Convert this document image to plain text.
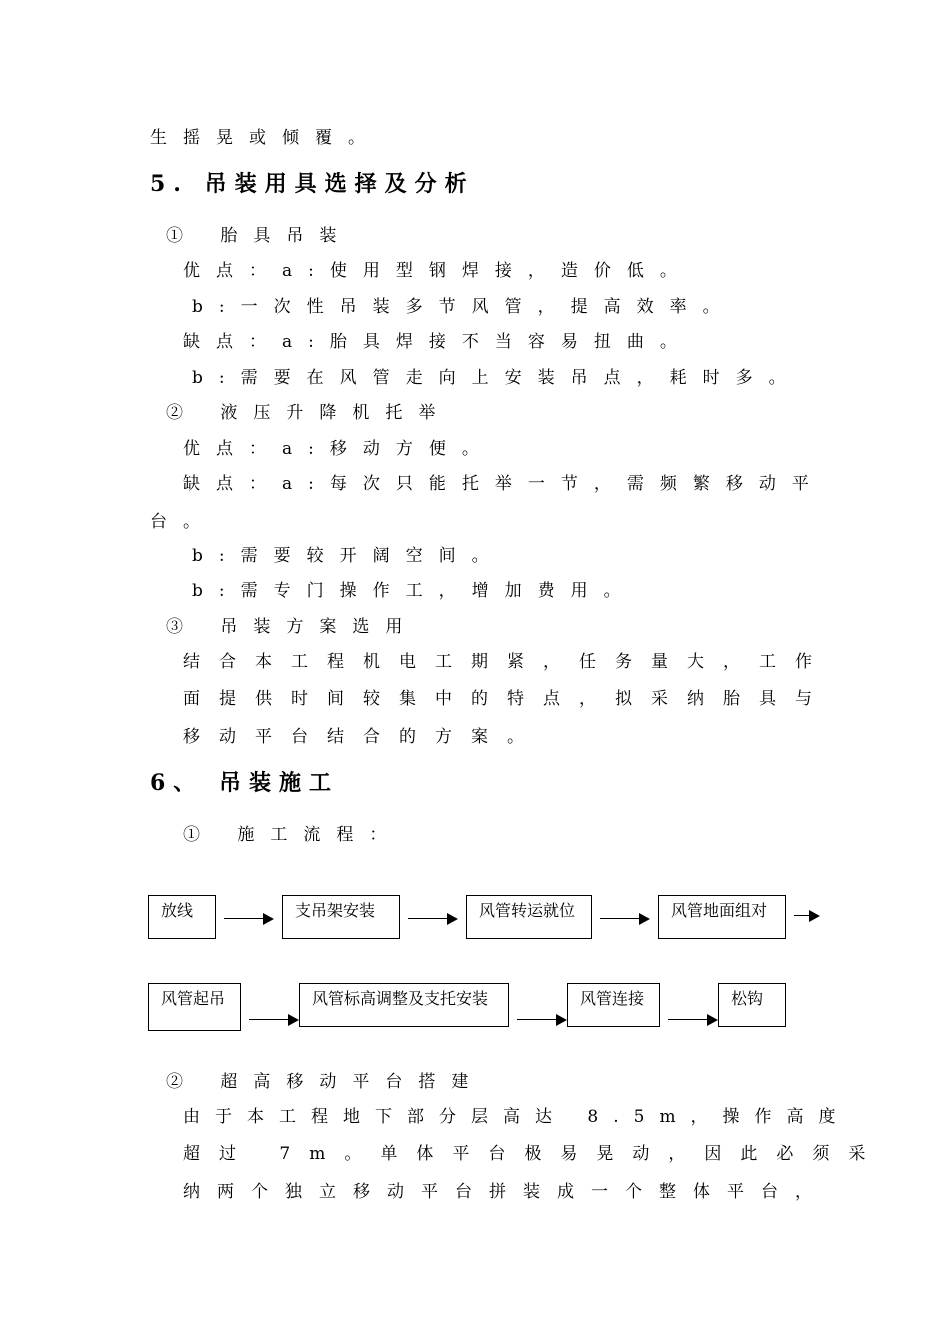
生摇晃或倾覆。
5. 吊装用具选择及分析
① 胎具吊装
优点：a:使用型钢焊接，造价低。
b:一次性吊装多节风管，提高效率。
缺点：a:胎具焊接不当容易扭曲。
b:需要在风管走向上安装吊点，耗时多。
② 液压升降机托举
优点：a:移动方便。
缺点：a:每次只能托举一节，需频繁移动平
台。
b:需要较开阔空间。
b:需专门操作工，增加费用。
③ 吊装方案选用
结合本工程机电工期紧，任务量大，工作
面提供时间较集中的特点，拟采纳胎具与
移动平台结合的方案。
6、 吊装施工
① 施工流程：
放线	支吊架安装	风管转运就位	风管地面组对
风管起吊	风管标高调整及支托安装	风管连接	松钩
② 超高移动平台搭建
由于本工程地下部分层高达 8.5m，操作高度
超过 7m。单体平台极易晃动，因此必须采
纳两个独立移动平台拼装成一个整体平台，
